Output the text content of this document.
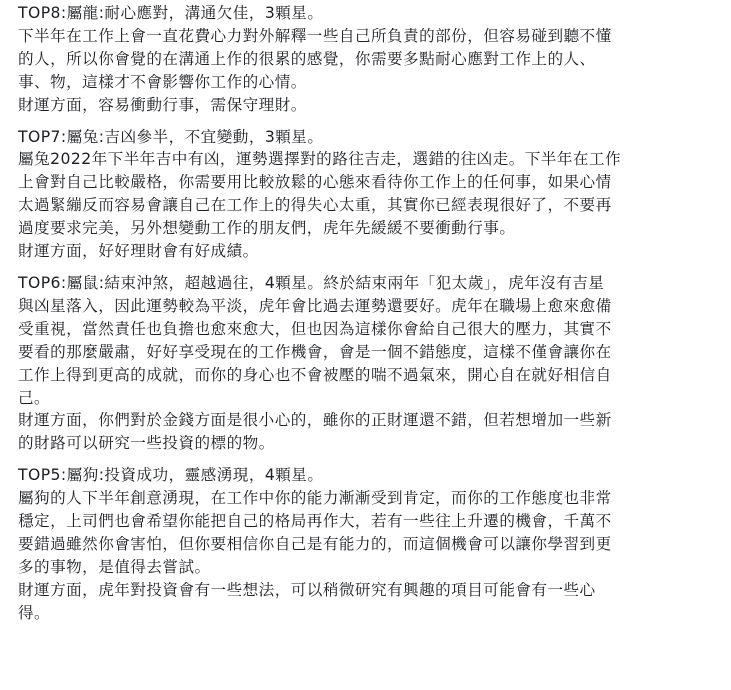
TOP8:屬龍:耐心應對，溝通欠佳，3顆星。
下半年在工作上會一直花費心力對外解釋一些自己所負責的部份，但容易碰到聽不懂
的人，所以你會覺的在溝通上作的很累的感覺，你需要多點耐心應對工作上的人、
事、物，這樣才不會影響你工作的心情。
財運方面，容易衝動行事，需保守理財。
TOP7:屬兔:吉凶參半，不宜變動，3顆星。
屬兔2022年下半年吉中有凶，運勢選擇對的路往吉走，選錯的往凶走。下半年在工作
上會對自己比較嚴格，你需要用比較放鬆的心態來看待你工作上的任何事，如果心情
太過緊繃反而容易會讓自己在工作上的得失心太重，其實你已經表現很好了，不要再
過度要求完美，另外想變動工作的朋友們，虎年先緩緩不要衝動行事。
財運方面，好好理財會有好成績。
TOP6:屬鼠:結束沖煞，超越過往，4顆星。終於結束兩年「犯太歲」，虎年沒有吉星
與凶星落入，因此運勢較為平淡，虎年會比過去運勢還要好。虎年在職場上愈來愈備
受重視，當然責任也負擔也愈來愈大，但也因為這樣你會給自己很大的壓力，其實不
要看的那麼嚴肅，好好享受現在的工作機會，會是一個不錯態度，這樣不僅會讓你在
工作上得到更高的成就，而你的身心也不會被壓的喘不過氣來，開心自在就好相信自
己。
財運方面，你們對於金錢方面是很小心的，雖你的正財運還不錯，但若想增加一些新
的財路可以研究一些投資的標的物。
TOP5:屬狗:投資成功，靈感湧現，4顆星。
屬狗的人下半年創意湧現，在工作中你的能力漸漸受到肯定，而你的工作態度也非常
穩定，上司們也會希望你能把自己的格局再作大，若有一些往上升遷的機會，千萬不
要錯過雖然你會害怕，但你要相信你自己是有能力的，而這個機會可以讓你學習到更
多的事物，是值得去嘗試。
財運方面，虎年對投資會有一些想法，可以稍微研究有興趣的項目可能會有一些心
得。
